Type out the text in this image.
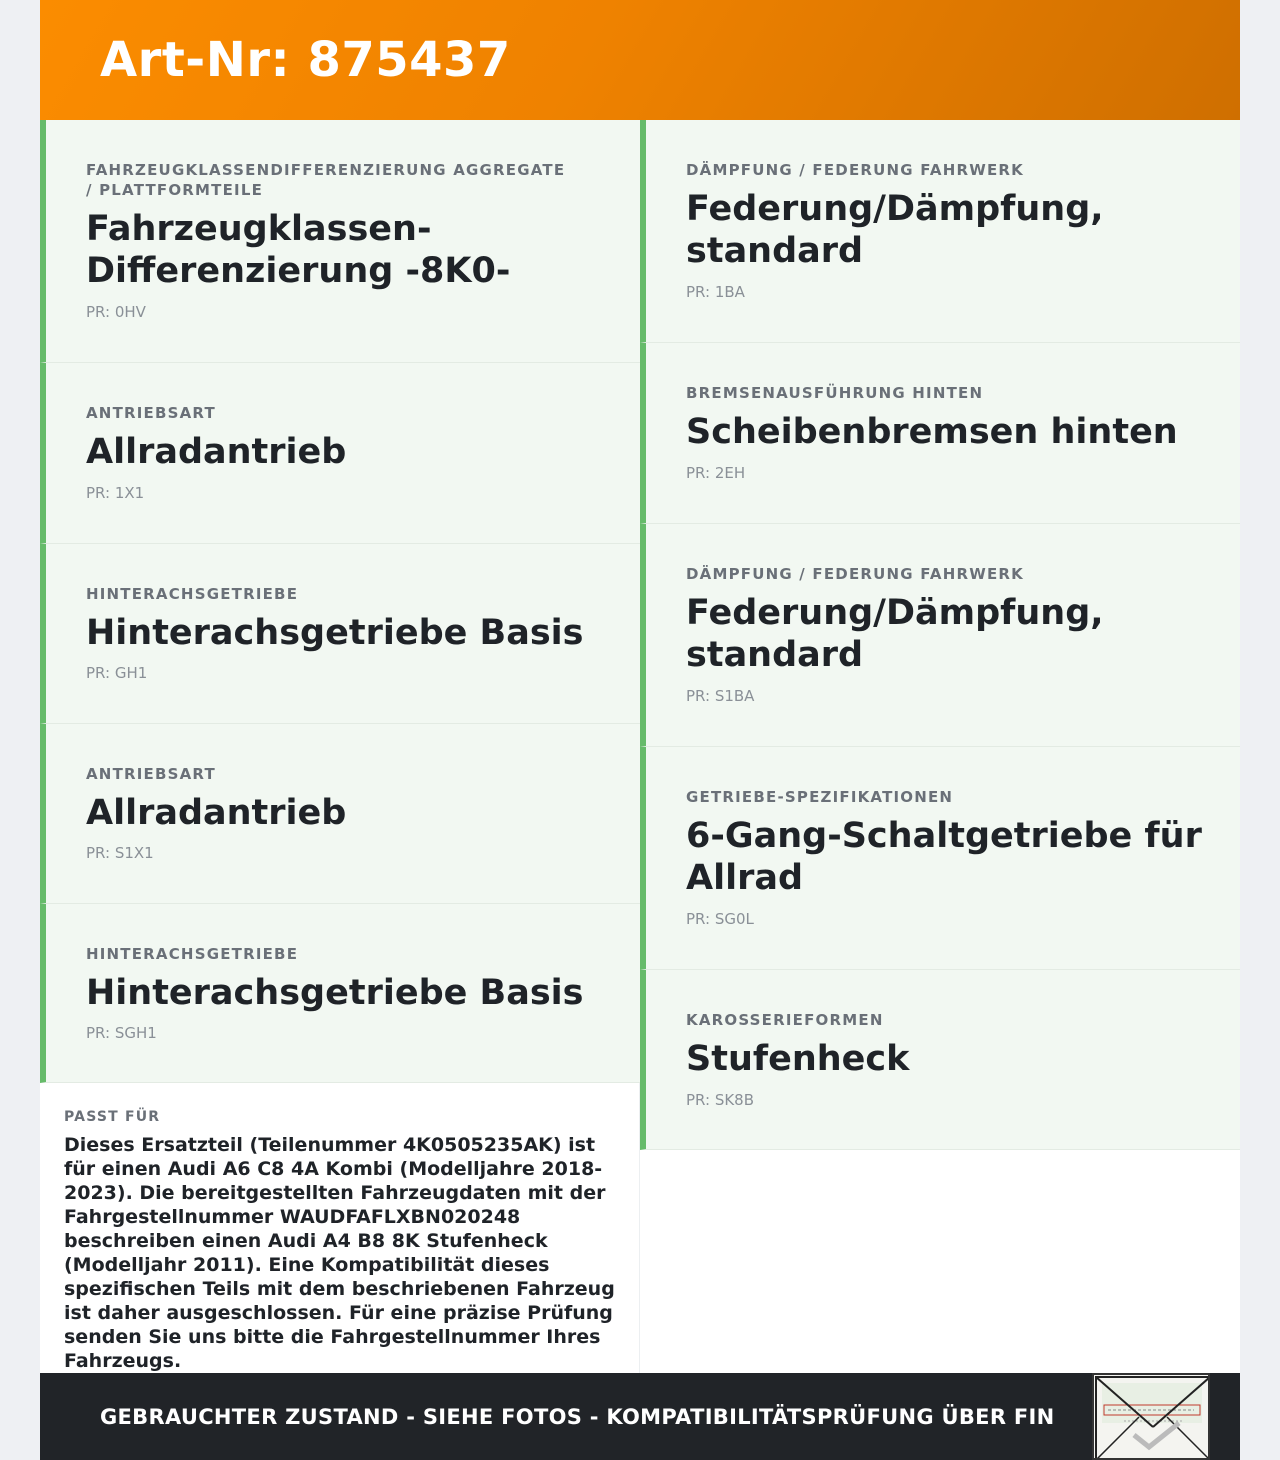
Art-Nr: 875437
FAHRZEUGKLASSENDIFFERENZIERUNG AGGREGATE / PLATTFORMTEILE
Fahrzeugklassen-Differenzierung -8K0-
PR: 0HV
ANTRIEBSART
Allradantrieb
PR: 1X1
HINTERACHSGETRIEBE
Hinterachsgetriebe Basis
PR: GH1
ANTRIEBSART
Allradantrieb
PR: S1X1
HINTERACHSGETRIEBE
Hinterachsgetriebe Basis
PR: SGH1
DÄMPFUNG / FEDERUNG FAHRWERK
Federung/Dämpfung, standard
PR: 1BA
BREMSENAUSFÜHRUNG HINTEN
Scheibenbremsen hinten
PR: 2EH
DÄMPFUNG / FEDERUNG FAHRWERK
Federung/Dämpfung, standard
PR: S1BA
GETRIEBE-SPEZIFIKATIONEN
6-Gang-Schaltgetriebe für Allrad
PR: SG0L
KAROSSERIEFORMEN
Stufenheck
PR: SK8B
PASST FÜR
Dieses Ersatzteil (Teilenummer 4K0505235AK) ist für einen Audi A6 C8 4A Kombi (Modelljahre 2018-2023). Die bereitgestellten Fahrzeugdaten mit der Fahrgestellnummer WAUDFAFLXBN020248 beschreiben einen Audi A4 B8 8K Stufenheck (Modelljahr 2011). Eine Kompatibilität dieses spezifischen Teils mit dem beschriebenen Fahrzeug ist daher ausgeschlossen. Für eine präzise Prüfung senden Sie uns bitte die Fahrgestellnummer Ihres Fahrzeugs.
GEBRAUCHTER ZUSTAND - SIEHE FOTOS - KOMPATIBILITÄTSPRÜFUNG ÜBER FIN
